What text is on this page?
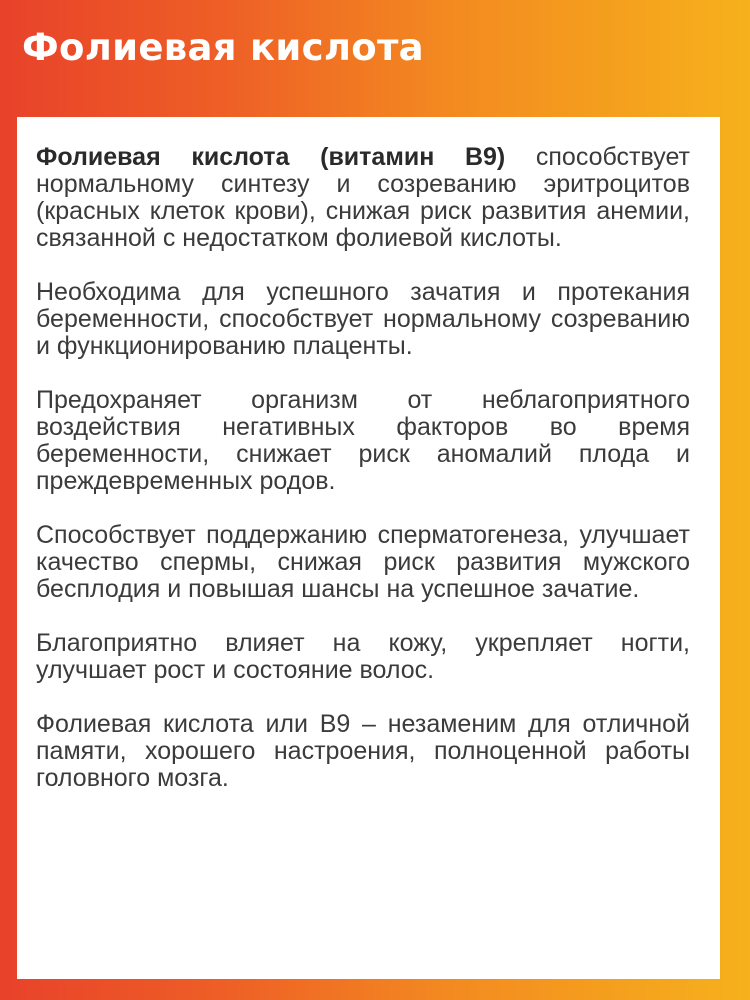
Фолиевая кислота

Фолиевая кислота (витамин В9) способствует нормальному синтезу и созреванию эритроцитов (красных клеток крови), снижая риск развития анемии, связанной с недостатком фолиевой кислоты.

Необходима для успешного зачатия и протекания беременности, способствует нормальному созреванию и функционированию плаценты.

Предохраняет организм от неблагоприятного воздействия негативных факторов во время беременности, снижает риск аномалий плода и преждевременных родов.

Способствует поддержанию сперматогенеза, улучшает качество спермы, снижая риск развития мужского бесплодия и повышая шансы на успешное зачатие.

Благоприятно влияет на кожу, укрепляет ногти, улучшает рост и состояние волос.

Фолиевая кислота или В9 – незаменим для отличной памяти, хорошего настроения, полноценной работы головного мозга.
